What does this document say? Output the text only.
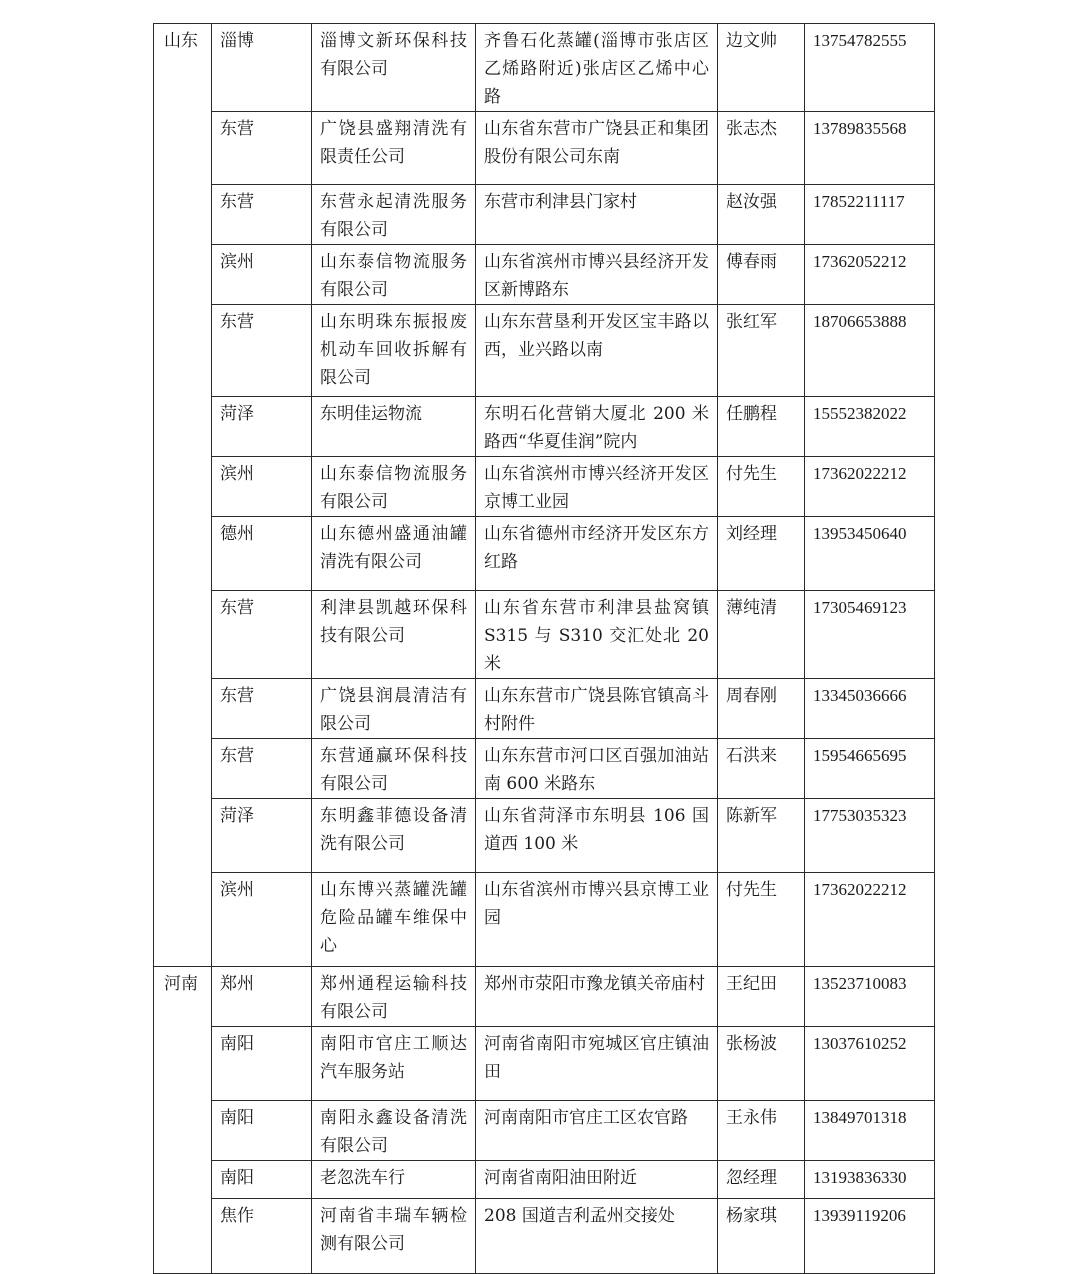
山东	淄博	淄博文新环保科技有限公司	齐鲁石化蒸罐(淄博市张店区乙烯路附近)张店区乙烯中心路	边文帅	13754782555
	东营	广饶县盛翔清洗有限责任公司	山东省东营市广饶县正和集团股份有限公司东南	张志杰	13789835568
	东营	东营永起清洗服务有限公司	东营市利津县门家村	赵汝强	17852211117
	滨州	山东泰信物流服务有限公司	山东省滨州市博兴县经济开发区新博路东	傅春雨	17362052212
	东营	山东明珠东振报废机动车回收拆解有限公司	山东东营垦利开发区宝丰路以西，业兴路以南	张红军	18706653888
	菏泽	东明佳运物流	东明石化营销大厦北 200 米路西“华夏佳润”院内	任鹏程	15552382022
	滨州	山东泰信物流服务有限公司	山东省滨州市博兴经济开发区京博工业园	付先生	17362022212
	德州	山东德州盛通油罐清洗有限公司	山东省德州市经济开发区东方红路	刘经理	13953450640
	东营	利津县凯越环保科技有限公司	山东省东营市利津县盐窝镇S315 与 S310 交汇处北 20 米	薄纯清	17305469123
	东营	广饶县润晨清洁有限公司	山东东营市广饶县陈官镇高斗村附件	周春刚	13345036666
	东营	东营通赢环保科技有限公司	山东东营市河口区百强加油站南 600 米路东	石洪来	15954665695
	菏泽	东明鑫菲德设备清洗有限公司	山东省菏泽市东明县 106 国道西 100 米	陈新军	17753035323
	滨州	山东博兴蒸罐洗罐危险品罐车维保中心	山东省滨州市博兴县京博工业园	付先生	17362022212
河南	郑州	郑州通程运输科技有限公司	郑州市荥阳市豫龙镇关帝庙村	王纪田	13523710083
	南阳	南阳市官庄工顺达汽车服务站	河南省南阳市宛城区官庄镇油田	张杨波	13037610252
	南阳	南阳永鑫设备清洗有限公司	河南南阳市官庄工区农官路	王永伟	13849701318
	南阳	老忽洗车行	河南省南阳油田附近	忽经理	13193836330
	焦作	河南省丰瑞车辆检测有限公司	208 国道吉利孟州交接处	杨家琪	13939119206
